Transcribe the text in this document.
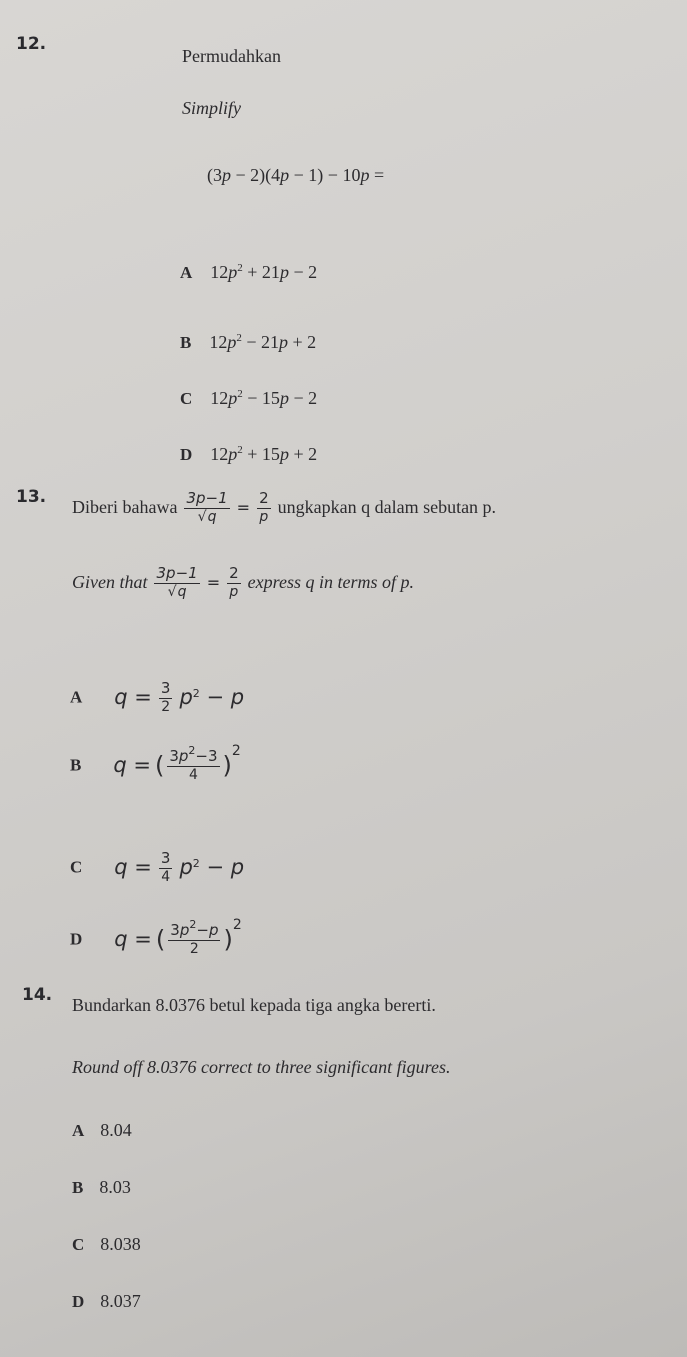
12.
Permudahkan
Simplify
(3p − 2)(4p − 1) − 10p =
A $12p^2 + 21p - 2$
B $12p^2 - 21p + 2$
C $12p^2 - 15p - 2$
D $12p^2 + 15p + 2$
13. Diberi bahawa $\frac{3p-1}{√q} = \frac{2}{p}$ ungkapkan q dalam sebutan p.
Given that $\frac{3p-1}{√q} = \frac{2}{p}$ express q in terms of p.
A $q = \frac{3}{2} p^2 - p$
B q = ( $\frac{3p^2-3}{4} )^2$
C $q = \frac{3}{4} p^2 - p$
D q = ( $\frac{3p^2-p}{2} )^2$
14. Bundarkan 8.0376 betul kepada tiga angka bererti.
Round off 8.0376 correct to three significant figures.
A 8.04
B 8.03
C 8.038
D 8.037
